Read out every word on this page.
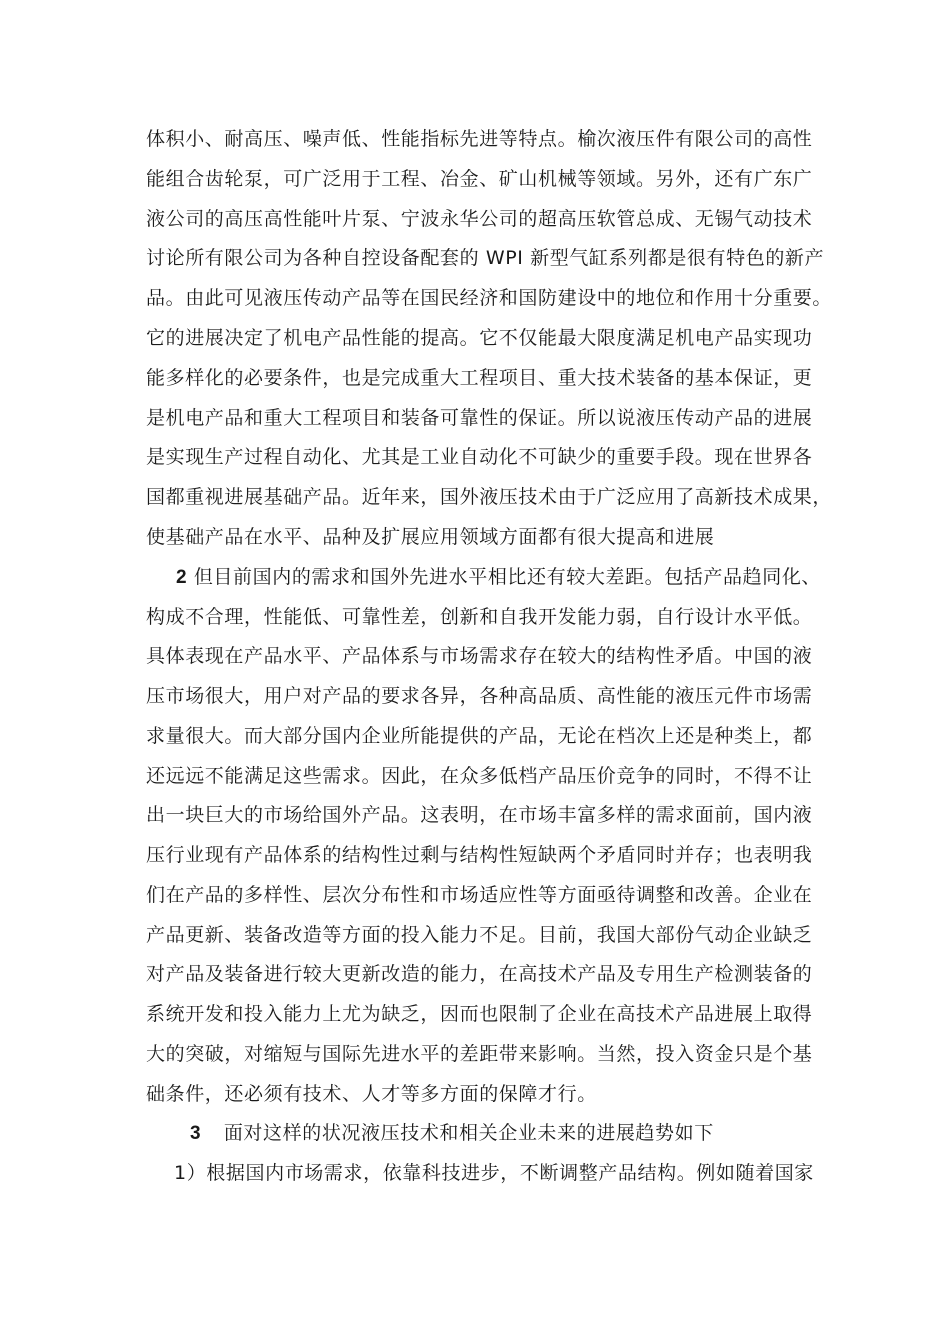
体积小、耐高压、噪声低、性能指标先进等特点。榆次液压件有限公司的高性
能组合齿轮泵，可广泛用于工程、冶金、矿山机械等领域。另外，还有广东广
液公司的高压高性能叶片泵、宁波永华公司的超高压软管总成、无锡气动技术
讨论所有限公司为各种自控设备配套的 WPI 新型气缸系列都是很有特色的新产
品。由此可见液压传动产品等在国民经济和国防建设中的地位和作用十分重要。
它的进展决定了机电产品性能的提高。它不仅能最大限度满足机电产品实现功
能多样化的必要条件，也是完成重大工程项目、重大技术装备的基本保证，更
是机电产品和重大工程项目和装备可靠性的保证。所以说液压传动产品的进展
是实现生产过程自动化、尤其是工业自动化不可缺少的重要手段。现在世界各
国都重视进展基础产品。近年来，国外液压技术由于广泛应用了高新技术成果，
使基础产品在水平、品种及扩展应用领域方面都有很大提高和进展
2 但目前国内的需求和国外先进水平相比还有较大差距。包括产品趋同化、
构成不合理，性能低、可靠性差，创新和自我开发能力弱，自行设计水平低。
具体表现在产品水平、产品体系与市场需求存在较大的结构性矛盾。中国的液
压市场很大，用户对产品的要求各异，各种高品质、高性能的液压元件市场需
求量很大。而大部分国内企业所能提供的产品，无论在档次上还是种类上，都
还远远不能满足这些需求。因此，在众多低档产品压价竞争的同时，不得不让
出一块巨大的市场给国外产品。这表明，在市场丰富多样的需求面前，国内液
压行业现有产品体系的结构性过剩与结构性短缺两个矛盾同时并存；也表明我
们在产品的多样性、层次分布性和市场适应性等方面亟待调整和改善。企业在
产品更新、装备改造等方面的投入能力不足。目前，我国大部份气动企业缺乏
对产品及装备进行较大更新改造的能力，在高技术产品及专用生产检测装备的
系统开发和投入能力上尤为缺乏，因而也限制了企业在高技术产品进展上取得
大的突破，对缩短与国际先进水平的差距带来影响。当然，投入资金只是个基
础条件，还必须有技术、人才等多方面的保障才行。
3 面对这样的状况液压技术和相关企业未来的进展趋势如下
1）根据国内市场需求，依靠科技进步，不断调整产品结构。例如随着国家
